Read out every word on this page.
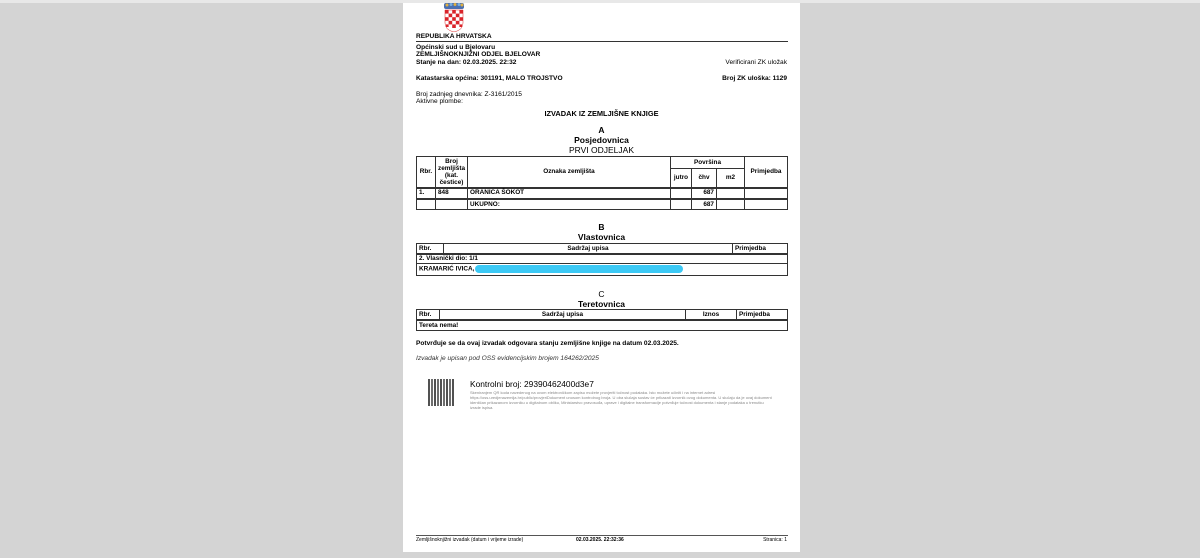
REPUBLIKA HRVATSKA
Općinski sud u Bjelovaru
ZEMLJIŠNOKNJIŽNI ODJEL BJELOVAR
Stanje na dan: 02.03.2025. 22:32	Verificirani ZK uložak
Katastarska općina: 301191, MALO TROJSTVO	Broj ZK uloška: 1129
Broj zadnjeg dnevnika: Z-3161/2015
Aktivne plombe:
IZVADAK IZ ZEMLJIŠNE KNJIGE
A
Posjedovnica
PRVI ODJELJAK
Rbr.	Broj zemljišta (kat. čestice)	Oznaka zemljišta	Površina			Primjedba
			jutro	čhv	m2	
1.	848	ORANICA ŠOKOT		687		
		UKUPNO:		687		
B
Vlastovnica
Rbr.	Sadržaj upisa	Primjedba
2. Vlasnički dio: 1/1
KRAMARIĆ IVICA,
C
Teretovnica
Rbr.	Sadržaj upisa	Iznos	Primjedba
Tereta nema!
Potvrđuje se da ovaj izvadak odgovara stanju zemljišne knjige na datum 02.03.2025.
Izvadak je upisan pod OSS evidencijskim brojem 164262/2025
Kontrolni broj: 29390462400d3e7
Skeniranjem QR koda navedenog na ovom elektroničkom zapisu možete provjeriti točnost podataka. Isto možete učiniti i na internet adresi https://oss.uredjenazemlja.hr/public/provjeriDokument unosom kontrolnog broja. U oba slučaja sustav će prikazati izvornik ovog dokumenta. U slučaju da je ovaj dokument identičan prikazanom izvorniku u digitalnom obliku, Ministarstvo pravosuđa, uprave i digitalne transformacije potvrđuje točnost dokumenta i stanje podataka u trenutku izrade ispisa.
Zemljišnoknjižni izvadak (datum i vrijeme izrade)	02.03.2025. 22:32:36	Stranica: 1
